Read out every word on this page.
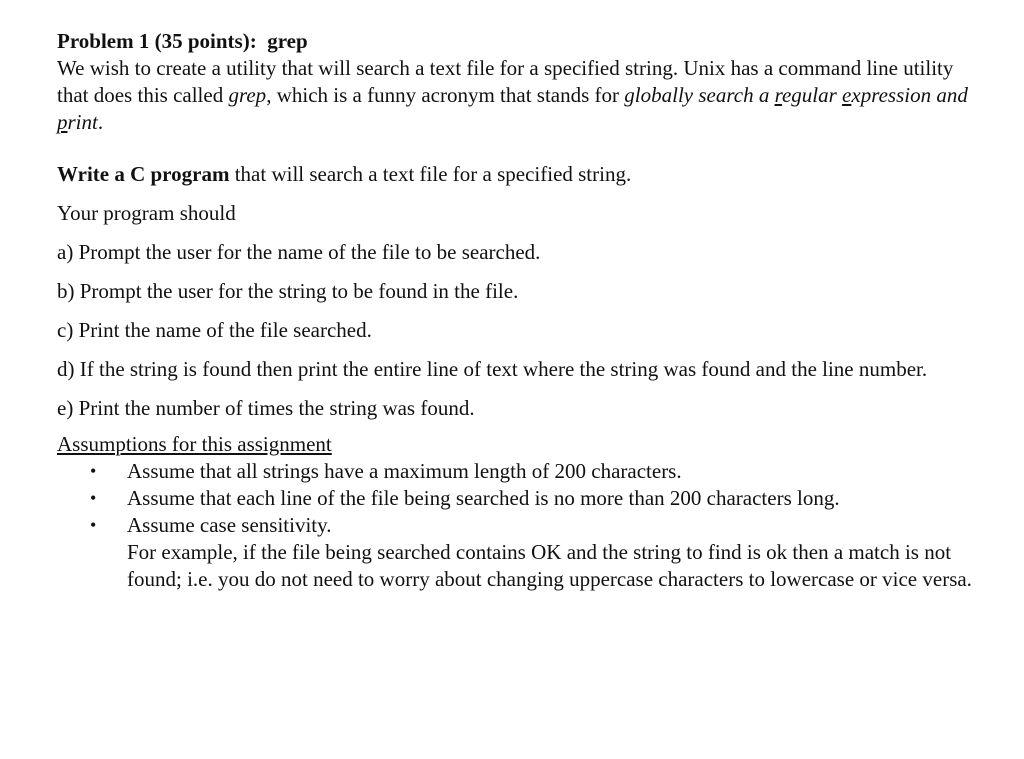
Problem 1 (35 points):  grep

We wish to create a utility that will search a text file for a specified string. Unix has a command line utility that does this called grep, which is a funny acronym that stands for globally search a regular expression and print.

Write a C program that will search a text file for a specified string.

Your program should

a) Prompt the user for the name of the file to be searched.

b) Prompt the user for the string to be found in the file.

c) Print the name of the file searched.

d) If the string is found then print the entire line of text where the string was found and the line number.

e) Print the number of times the string was found.

Assumptions for this assignment

• Assume that all strings have a maximum length of 200 characters.
• Assume that each line of the file being searched is no more than 200 characters long.
• Assume case sensitivity.
For example, if the file being searched contains OK and the string to find is ok then a match is not found; i.e. you do not need to worry about changing uppercase characters to lowercase or vice versa.
